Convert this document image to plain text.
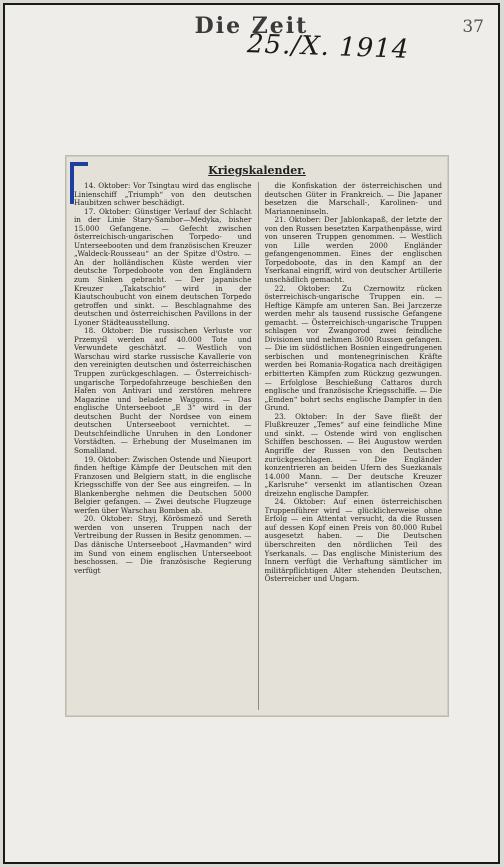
Die Zeit	37
25./X. 1914
Kriegskalender.

14. Oktober: Vor Tsingtau wird das englische Linienschiff „Triumph“ von den deutschen Haubitzen schwer beschädigt.

17. Oktober: Günstiger Verlauf der Schlacht in der Linie Stary-Sambor—Medyka, bisher 15.000 Gefangene. — Gefecht zwischen österreichisch-ungarischen Torpedo- und Unterseebooten und dem französischen Kreuzer „Waldeck-Rousseau“ an der Spitze d'Ostro. — An der holländischen Küste werden vier deutsche Torpedoboote von den Engländern zum Sinken gebracht. — Der japanische Kreuzer „Takatschio“ wird in der Kiautschoubucht von einem deutschen Torpedo getroffen und sinkt. — Beschlagnahme des deutschen und österreichischen Pavillons in der Lyoner Städteausstellung.

18. Oktober: Die russischen Verluste vor Przemyśl werden auf 40.000 Tote und Verwundete geschätzt. — Westlich von Warschau wird starke russische Kavallerie von den vereinigten deutschen und österreichischen Truppen zurückgeschlagen. — Österreichisch-ungarische Torpedofahrzeuge beschießen den Hafen von Antivari und zerstören mehrere Magazine und beladene Waggons. — Das englische Unterseeboot „E 3“ wird in der deutschen Bucht der Nordsee von einem deutschen Unterseeboot vernichtet. — Deutschfeindliche Unruhen in den Londoner Vorstädten. — Erhebung der Muselmanen im Somaliland.

19. Oktober: Zwischen Ostende und Nieuport finden heftige Kämpfe der Deutschen mit den Franzosen und Belgiern statt, in die englische Kriegsschiffe von der See aus eingreifen. — In Blankenberghe nehmen die Deutschen 5000 Belgier gefangen. — Zwei deutsche Flugzeuge werfen über Warschau Bomben ab.

20. Oktober: Stryj, Körösmező und Sereth werden von unseren Truppen nach der Vertreibung der Russen in Besitz genommen. — Das dänische Unterseeboot „Havmanden“ wird im Sund von einem englischen Unterseeboot beschossen. — Die französische Regierung verfügt

die Konfiskation der österreichischen und deutschen Güter in Frankreich. — Die Japaner besetzen die Marschall-, Karolinen- und Marianneninseln.

21. Oktober: Der Jablonkapaß, der letzte der von den Russen besetzten Karpathenpässe, wird von unseren Truppen genommen. — Westlich von Lille werden 2000 Engländer gefangengenommen. Eines der englischen Torpedoboote, das in den Kampf an der Yserkanal eingriff, wird von deutscher Artillerie unschädlich gemacht.

22. Oktober: Zu Czernowitz rücken österreichisch-ungarische Truppen ein. — Heftige Kämpfe am unteren San. Bei Jarczerze werden mehr als tausend russische Gefangene gemacht. — Österreichisch-ungarische Truppen schlagen vor Zwangorod zwei feindliche Divisionen und nehmen 3600 Russen gefangen. — Die im südöstlichen Bosnien eingedrungenen serbischen und montenegrinischen Kräfte werden bei Romania-Rogatica nach dreitägigen erbitterten Kämpfen zum Rückzug gezwungen. — Erfolglose Beschießung Cattaros durch englische und französische Kriegsschiffe. — Die „Emden“ bohrt sechs englische Dampfer in den Grund.

23. Oktober: In der Save fließt der Flußkreuzer „Temes“ auf eine feindliche Mine und sinkt. — Ostende wird von englischen Schiffen beschossen. — Bei Augustow werden Angriffe der Russen von den Deutschen zurückgeschlagen. — Die Engländer konzentrieren an beiden Ufern des Suezkanals 14.000 Mann. — Der deutsche Kreuzer „Karlsruhe“ versenkt im atlantischen Ozean dreizehn englische Dampfer.

24. Oktober: Auf einen österreichischen Truppenführer wird — glücklicherweise ohne Erfolg — ein Attentat versucht, da die Russen auf dessen Kopf einen Preis von 80.000 Rubel ausgesetzt haben. — Die Deutschen überschreiten den nördlichen Teil des Yserkanals. — Das englische Ministerium des Innern verfügt die Verhaftung sämtlicher im militärpflichtigen Alter stehenden Deutschen, Österreicher und Ungarn.
